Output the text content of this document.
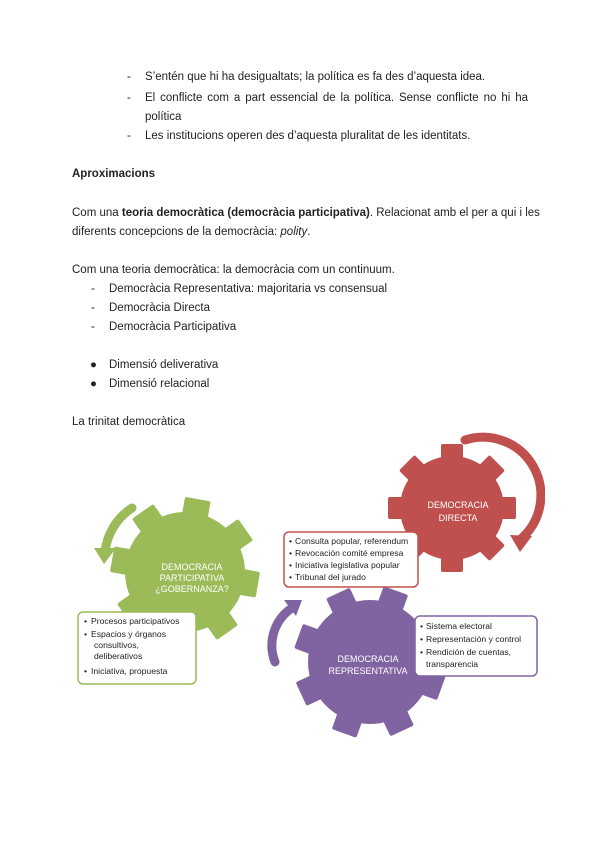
- S’entén que hi ha desigualtats; la política es fa des d’aquesta idea.
- El conflicte com a part essencial de la política. Sense conflicte no hi ha
política
- Les institucions operen des d’aquesta pluralitat de les identitats.
Aproximacions
Com una teoria democràtica (democràcia participativa). Relacionat amb el per a qui i les
diferents concepcions de la democràcia: polity.
Com una teoria democràtica: la democràcia com un continuum.
- Democràcia Representativa: majoritaria vs consensual
- Democràcia Directa
- Democràcia Participativa
● Dimensió deliverativa
● Dimensió relacional
La trinitat democràtica
DEMOCRACIA
PARTICIPATIVA
¿GOBERNANZA?
DEMOCRACIA
DIRECTA
DEMOCRACIA
REPRESENTATIVA
• Procesos participativos
• Espacios y órganos
consultivos,
deliberativos
• Iniciativa, propuesta
• Consulta popular, referendum
• Revocación comité empresa
• Iniciativa legislativa popular
• Tribunal del jurado
• Sistema electoral
• Representación y control
• Rendición de cuentas,
transparencia
